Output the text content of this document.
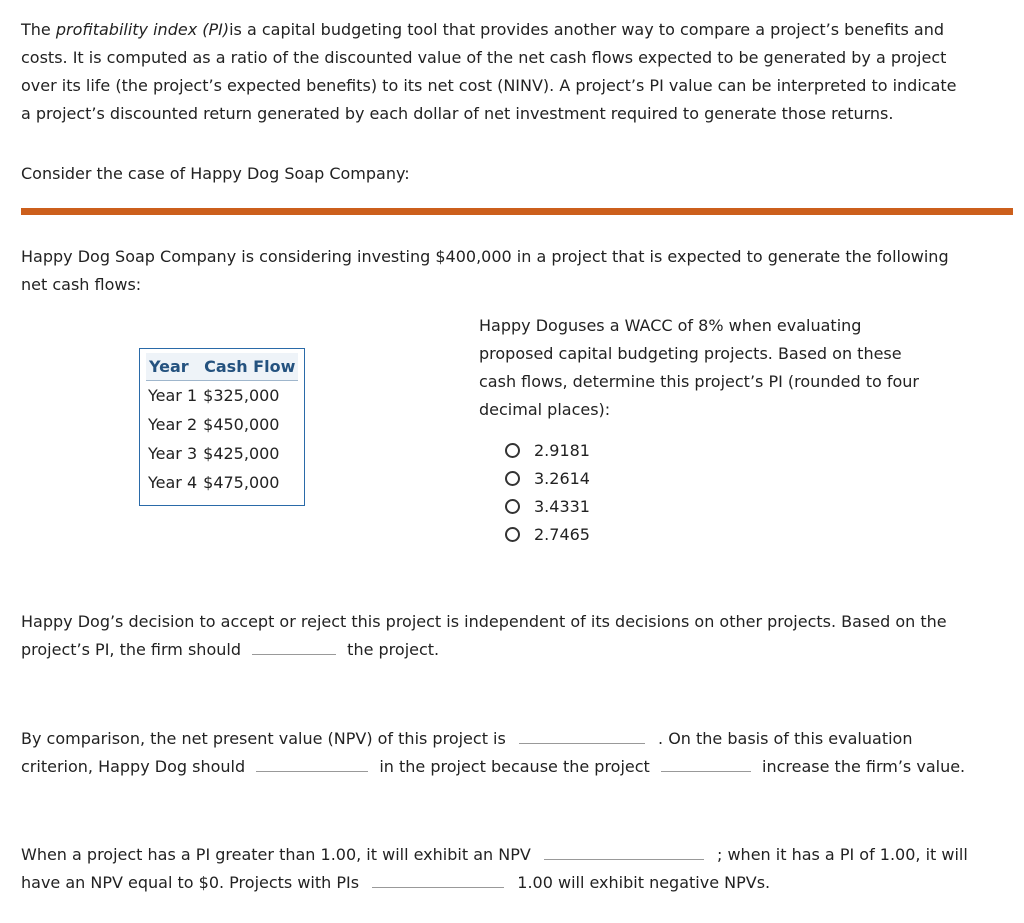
The profitability index (PI)is a capital budgeting tool that provides another way to compare a project’s benefits and
costs. It is computed as a ratio of the discounted value of the net cash flows expected to be generated by a project
over its life (the project’s expected benefits) to its net cost (NINV). A project’s PI value can be interpreted to indicate
a project’s discounted return generated by each dollar of net investment required to generate those returns.
Consider the case of Happy Dog Soap Company:
Happy Dog Soap Company is considering investing $400,000 in a project that is expected to generate the following
net cash flows:
Year	Cash Flow
Year 1	$325,000
Year 2	$450,000
Year 3	$425,000
Year 4	$475,000
Happy Doguses a WACC of 8% when evaluating
proposed capital budgeting projects. Based on these
cash flows, determine this project’s PI (rounded to four
decimal places):
2.9181
3.2614
3.4331
2.7465
Happy Dog’s decision to accept or reject this project is independent of its decisions on other projects. Based on the
project’s PI, the firm should	the project.
By comparison, the net present value (NPV) of this project is	. On the basis of this evaluation
criterion, Happy Dog should	in the project because the project	increase the firm’s value.
When a project has a PI greater than 1.00, it will exhibit an NPV	; when it has a PI of 1.00, it will
have an NPV equal to $0. Projects with PIs	1.00 will exhibit negative NPVs.
